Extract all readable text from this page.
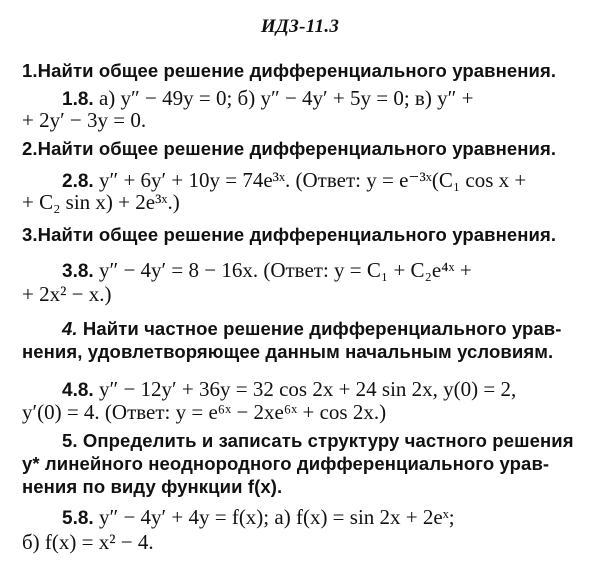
ИДЗ-11.3
1.Найти общее решение дифференциального уравнения.
1.8. а) y″ − 49y = 0; б) y″ − 4y′ + 5y = 0; в) y″ +
+ 2y′ − 3y = 0.
2.Найти общее решение дифференциального уравнения.
2.8. y″ + 6y′ + 10y = 74e³ˣ. (Ответ: y = e⁻³ˣ(C₁ cos x +
+ C₂ sin x) + 2e³ˣ.)
3.Найти общее решение дифференциального уравнения.
3.8. y″ − 4y′ = 8 − 16x. (Ответ: y = C₁ + C₂e⁴ˣ +
+ 2x² − x.)
4. Найти частное решение дифференциального урав-
нения, удовлетворяющее данным начальным условиям.
4.8. y″ − 12y′ + 36y = 32 cos 2x + 24 sin 2x, y(0) = 2,
y′(0) = 4. (Ответ: y = e⁶ˣ − 2xe⁶ˣ + cos 2x.)
5. Определить и записать структуру частного решения
y* линейного неоднородного дифференциального урав-
нения по виду функции f(x).
5.8. y″ − 4y′ + 4y = f(x); а) f(x) = sin 2x + 2eˣ;
б) f(x) = x² − 4.
